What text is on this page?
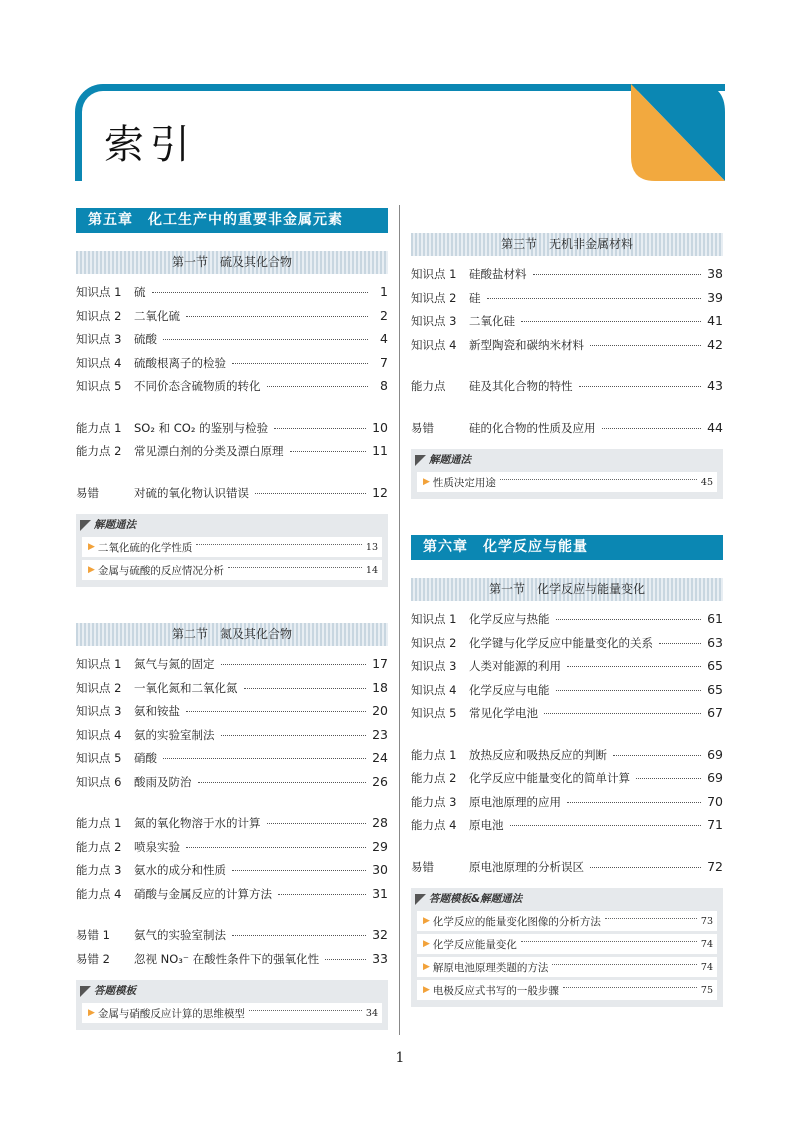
索引
第五章　化工生产中的重要非金属元素
第一节　硫及其化合物
知识点 1	硫	1
知识点 2	二氧化硫	2
知识点 3	硫酸	4
知识点 4	硫酸根离子的检验	7
知识点 5	不同价态含硫物质的转化	8
能力点 1	SO₂ 和 CO₂ 的鉴别与检验	10
能力点 2	常见漂白剂的分类及漂白原理	11
易错	对硫的氧化物认识错误	12
解题通法
▶ 二氧化硫的化学性质	13
▶ 金属与硫酸的反应情况分析	14
第二节　氮及其化合物
知识点 1	氮气与氮的固定	17
知识点 2	一氧化氮和二氧化氮	18
知识点 3	氨和铵盐	20
知识点 4	氨的实验室制法	23
知识点 5	硝酸	24
知识点 6	酸雨及防治	26
能力点 1	氮的氧化物溶于水的计算	28
能力点 2	喷泉实验	29
能力点 3	氨水的成分和性质	30
能力点 4	硝酸与金属反应的计算方法	31
易错 1	氨气的实验室制法	32
易错 2	忽视 NO₃⁻ 在酸性条件下的强氧化性	33
答题模板
▶ 金属与硝酸反应计算的思维模型	34
第三节　无机非金属材料
知识点 1	硅酸盐材料	38
知识点 2	硅	39
知识点 3	二氧化硅	41
知识点 4	新型陶瓷和碳纳米材料	42
能力点	硅及其化合物的特性	43
易错	硅的化合物的性质及应用	44
解题通法
▶ 性质决定用途	45
第六章　化学反应与能量
第一节　化学反应与能量变化
知识点 1	化学反应与热能	61
知识点 2	化学键与化学反应中能量变化的关系	63
知识点 3	人类对能源的利用	65
知识点 4	化学反应与电能	65
知识点 5	常见化学电池	67
能力点 1	放热反应和吸热反应的判断	69
能力点 2	化学反应中能量变化的简单计算	69
能力点 3	原电池原理的应用	70
能力点 4	原电池	71
易错	原电池原理的分析误区	72
答题模板&解题通法
▶ 化学反应的能量变化图像的分析方法	73
▶ 化学反应能量变化	74
▶ 解原电池原理类题的方法	74
▶ 电极反应式书写的一般步骤	75
1
